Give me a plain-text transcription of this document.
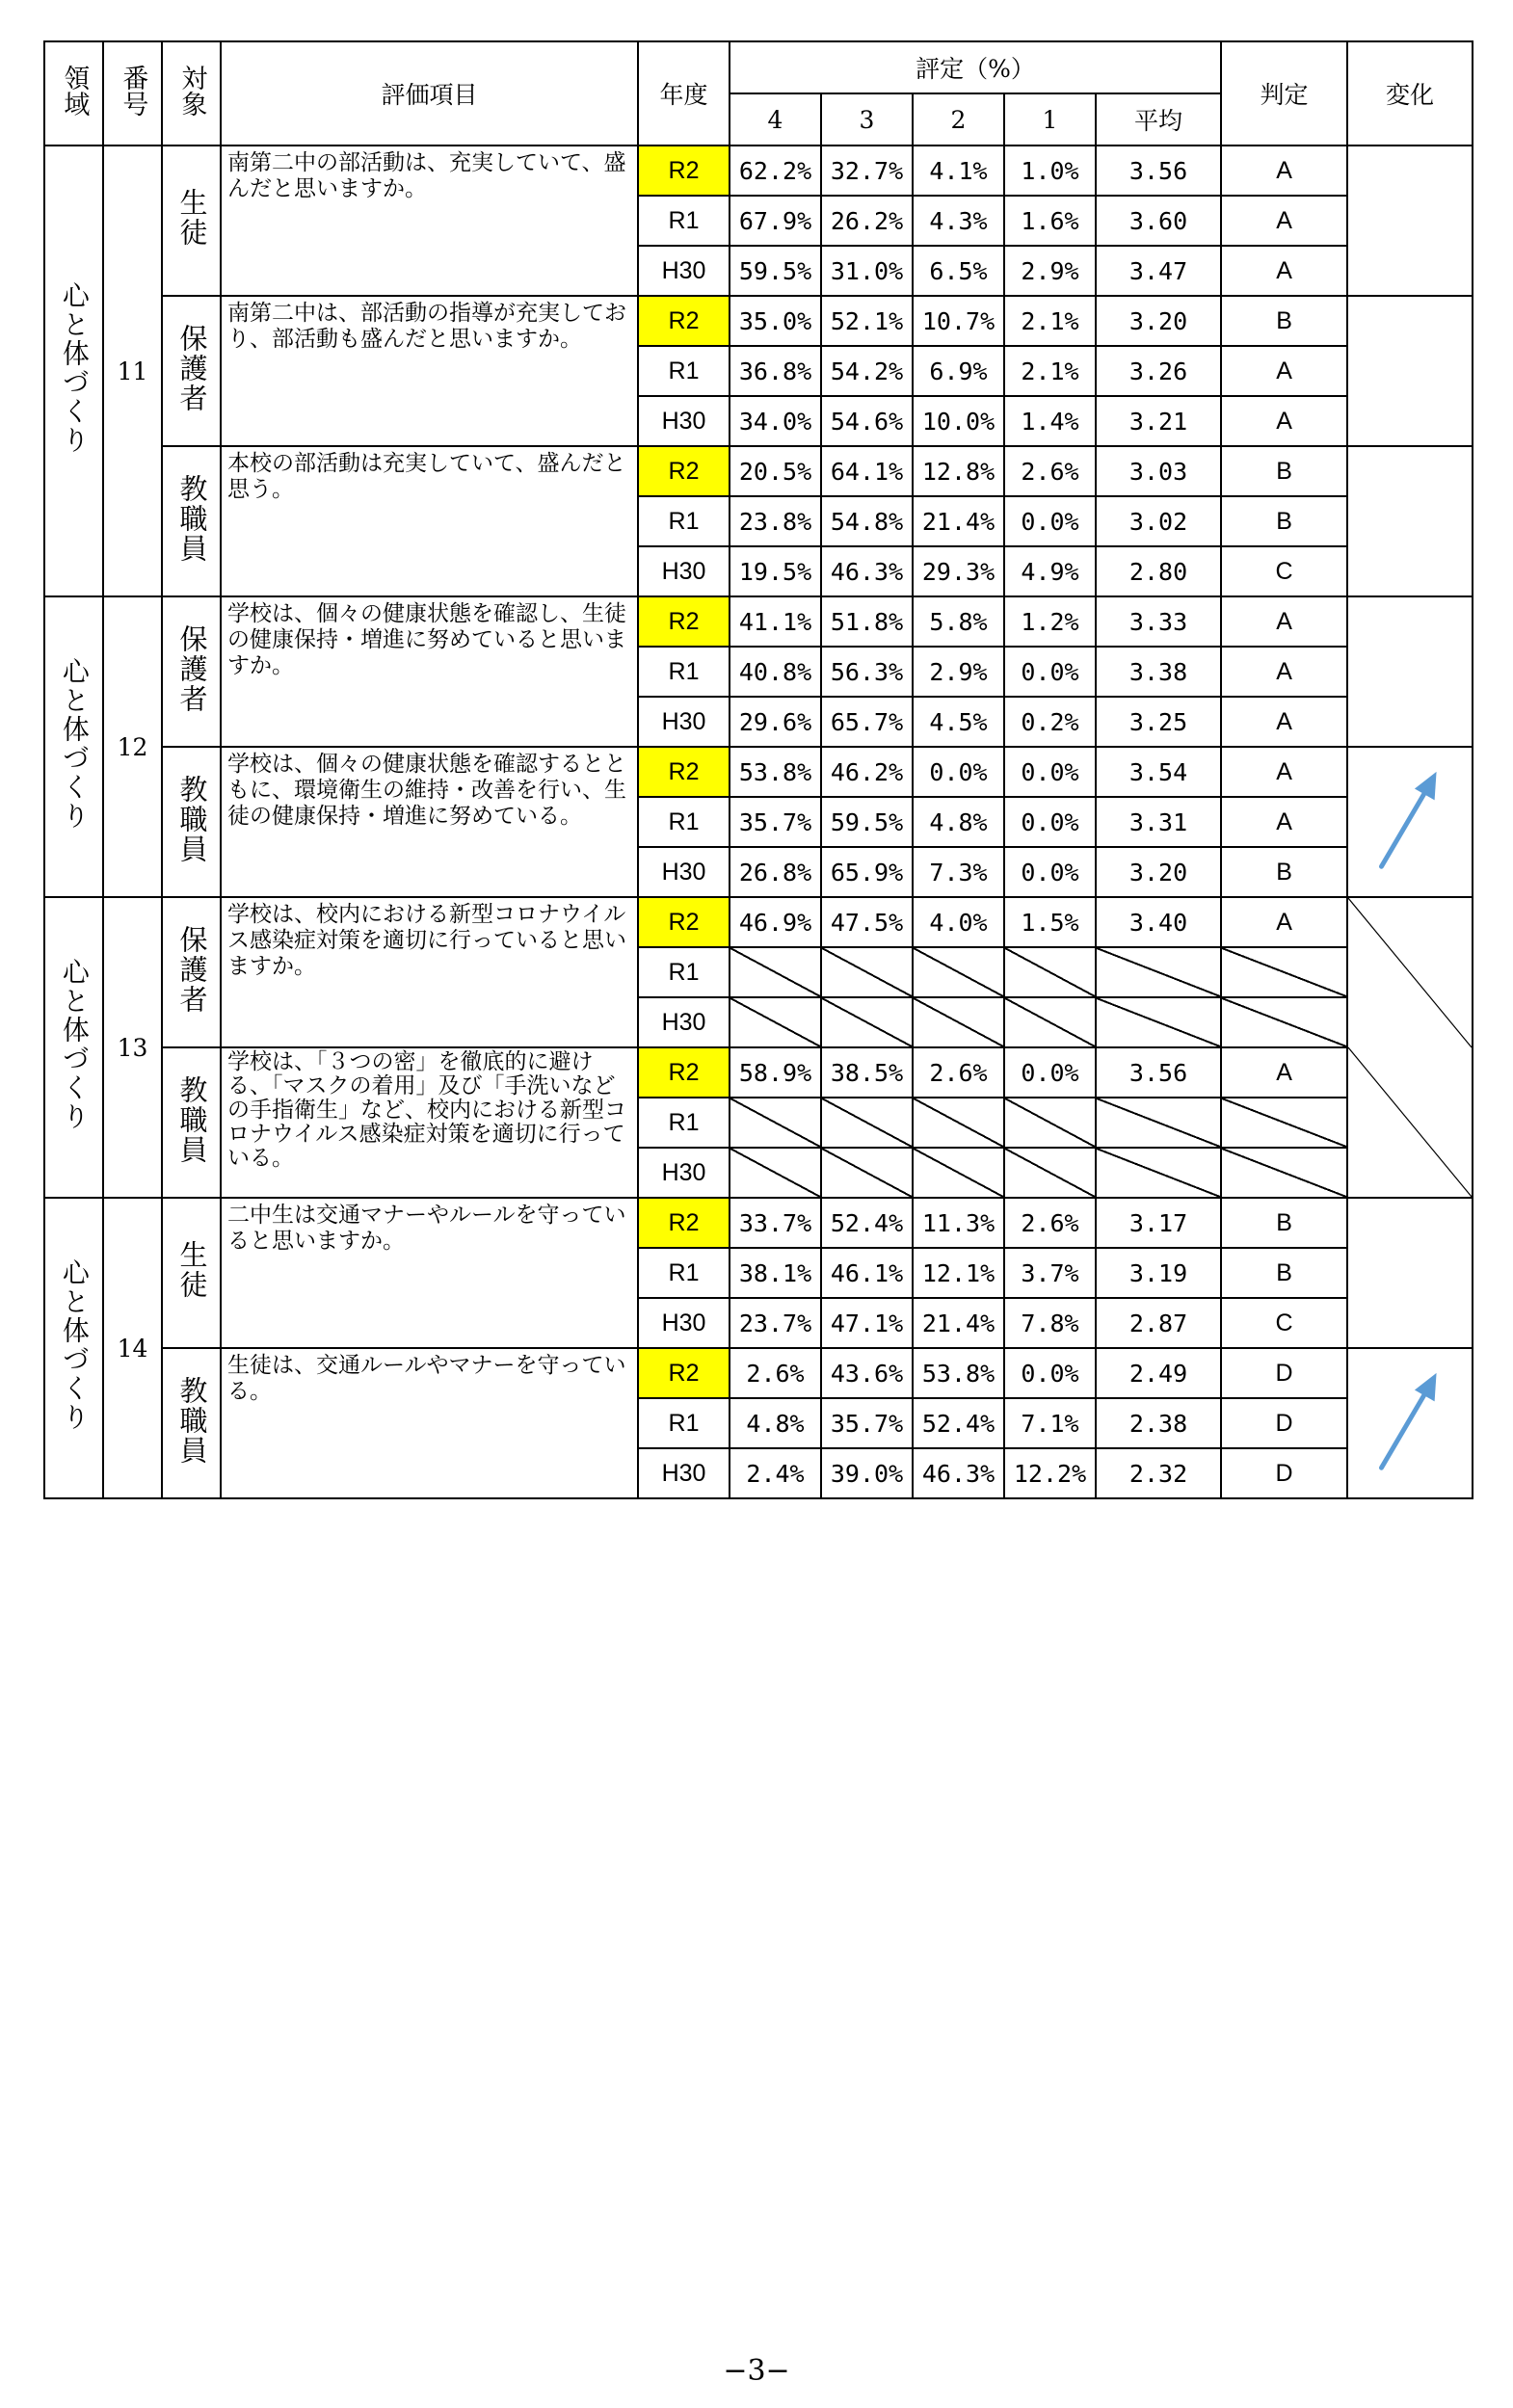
領域	番号	対象	評価項目	年度	評定（%）					判定	変化
					4	3	2	1	平均		
心と体づくり	11	生徒	南第二中の部活動は、充実していて、盛んだと思いますか。	R2	62.2%	32.7%	4.1%	1.0%	3.56	A	
				R1	67.9%	26.2%	4.3%	1.6%	3.60	A	
				H30	59.5%	31.0%	6.5%	2.9%	3.47	A	
		保護者	南第二中は、部活動の指導が充実しており、部活動も盛んだと思いますか。	R2	35.0%	52.1%	10.7%	2.1%	3.20	B	
				R1	36.8%	54.2%	6.9%	2.1%	3.26	A	
				H30	34.0%	54.6%	10.0%	1.4%	3.21	A	
		教職員	本校の部活動は充実していて、盛んだと思う。	R2	20.5%	64.1%	12.8%	2.6%	3.03	B	
				R1	23.8%	54.8%	21.4%	0.0%	3.02	B	
				H30	19.5%	46.3%	29.3%	4.9%	2.80	C	
心と体づくり	12	保護者	学校は、個々の健康状態を確認し、生徒の健康保持・増進に努めていると思いますか。	R2	41.1%	51.8%	5.8%	1.2%	3.33	A	
				R1	40.8%	56.3%	2.9%	0.0%	3.38	A	
				H30	29.6%	65.7%	4.5%	0.2%	3.25	A	
		教職員	学校は、個々の健康状態を確認するとともに、環境衛生の維持・改善を行い、生徒の健康保持・増進に努めている。	R2	53.8%	46.2%	0.0%	0.0%	3.54	A	

				R1	35.7%	59.5%	4.8%	0.0%	3.31	A	
				H30	26.8%	65.9%	7.3%	0.0%	3.20	B	
心と体づくり	13	保護者	学校は、校内における新型コロナウイルス感染症対策を適切に行っていると思いますか。	R2	46.9%	47.5%	4.0%	1.5%	3.40	A	

				R1							
				H30							
		教職員	学校は、「３つの密」を徹底的に避ける、「マスクの着用」及び「手洗いなどの手指衛生」など、校内における新型コロナウイルス感染症対策を適切に行っている。	R2	58.9%	38.5%	2.6%	0.0%	3.56	A	
				R1							
				H30							
心と体づくり	14	生徒	二中生は交通マナーやルールを守っていると思いますか。	R2	33.7%	52.4%	11.3%	2.6%	3.17	B	
				R1	38.1%	46.1%	12.1%	3.7%	3.19	B	
				H30	23.7%	47.1%	21.4%	7.8%	2.87	C	
		教職員	生徒は、交通ルールやマナーを守っている。	R2	2.6%	43.6%	53.8%	0.0%	2.49	D	

				R1	4.8%	35.7%	52.4%	7.1%	2.38	D	
				H30	2.4%	39.0%	46.3%	12.2%	2.32	D	
−3−
